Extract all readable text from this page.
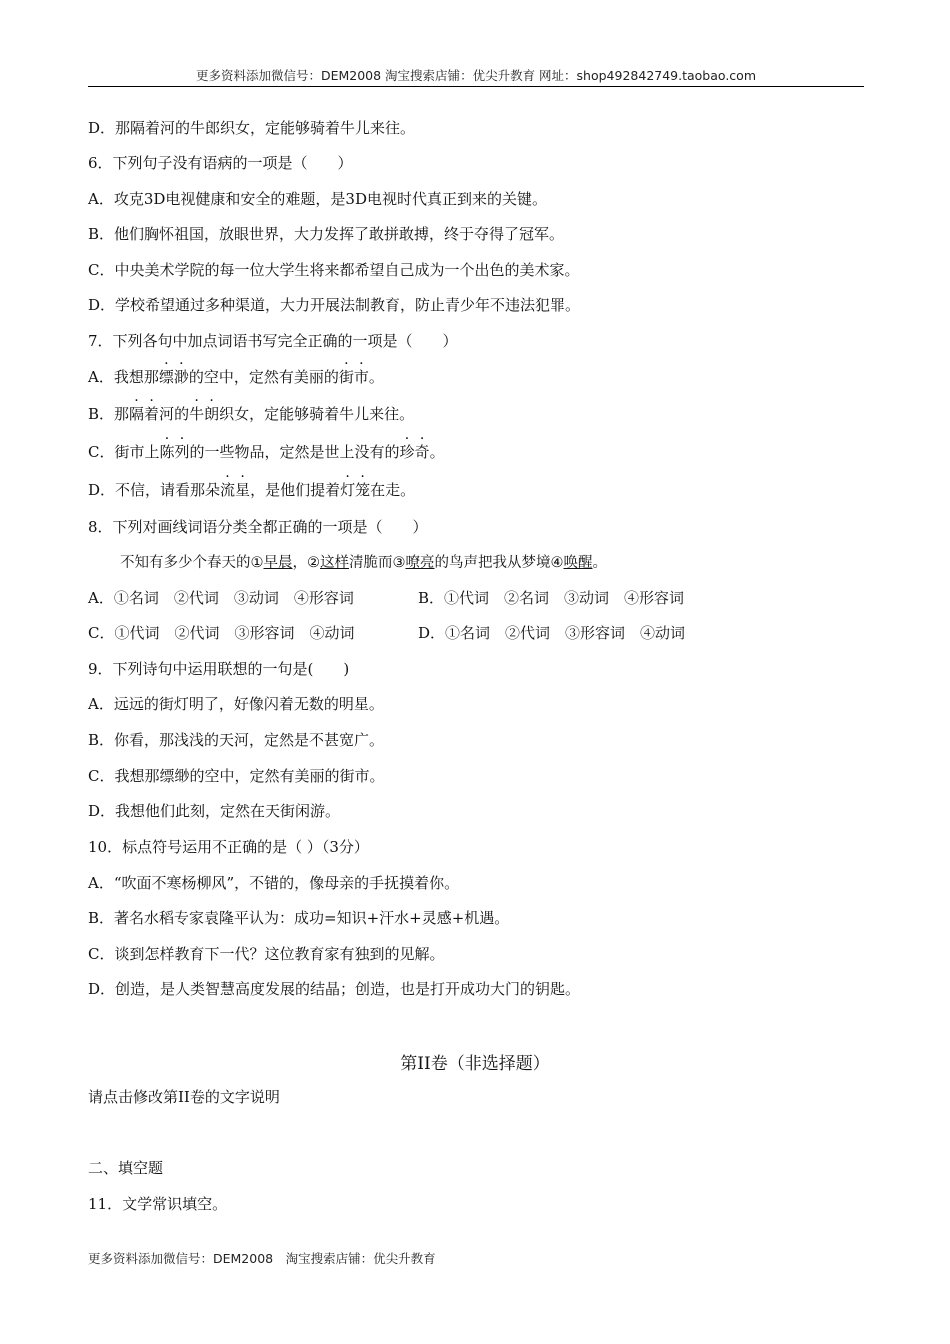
更多资料添加微信号：DEM2008 淘宝搜索店铺：优尖升教育 网址：shop492842749.taobao.com
D．那隔着河的牛郎织女，定能够骑着牛儿来往。
6．下列句子没有语病的一项是（　　）
A．攻克3D电视健康和安全的难题，是3D电视时代真正到来的关键。
B．他们胸怀祖国，放眼世界，大力发挥了敢拼敢搏，终于夺得了冠军。
C．中央美术学院的每一位大学生将来都希望自己成为一个出色的美术家。
D．学校希望通过多种渠道，大力开展法制教育，防止青少年不违法犯罪。
7．下列各句中加点词语书写完全正确的一项是（　　）
A．我想那缥渺的空中，定然有美丽的街市。
B．那隔着河的牛朗织女，定能够骑着牛儿来往。
C．街市上陈列的一些物品，定然是世上没有的珍奇。
D．不信，请看那朵流星，是他们提着灯笼在走。
8．下列对画线词语分类全都正确的一项是（　　）
不知有多少个春天的①早晨，②这样清脆而③嘹亮的鸟声把我从梦境④唤醒。
A．①名词　②代词　③动词　④形容词	B．①代词　②名词　③动词　④形容词
C．①代词　②代词　③形容词　④动词	D．①名词　②代词　③形容词　④动词
9．下列诗句中运用联想的一句是(　　)
A．远远的街灯明了，好像闪着无数的明星。
B．你看，那浅浅的天河，定然是不甚宽广。
C．我想那缥缈的空中，定然有美丽的街市。
D．我想他们此刻，定然在天街闲游。
10．标点符号运用不正确的是（ ）（3分）
A．“吹面不寒杨柳风”，不错的，像母亲的手抚摸着你。
B．著名水稻专家袁隆平认为：成功=知识+汗水+灵感+机遇。
C．谈到怎样教育下一代？这位教育家有独到的见解。
D．创造，是人类智慧高度发展的结晶；创造，也是打开成功大门的钥匙。
第II卷（非选择题）
请点击修改第II卷的文字说明
二、填空题
11．文学常识填空。
更多资料添加微信号：DEM2008　淘宝搜索店铺：优尖升教育
